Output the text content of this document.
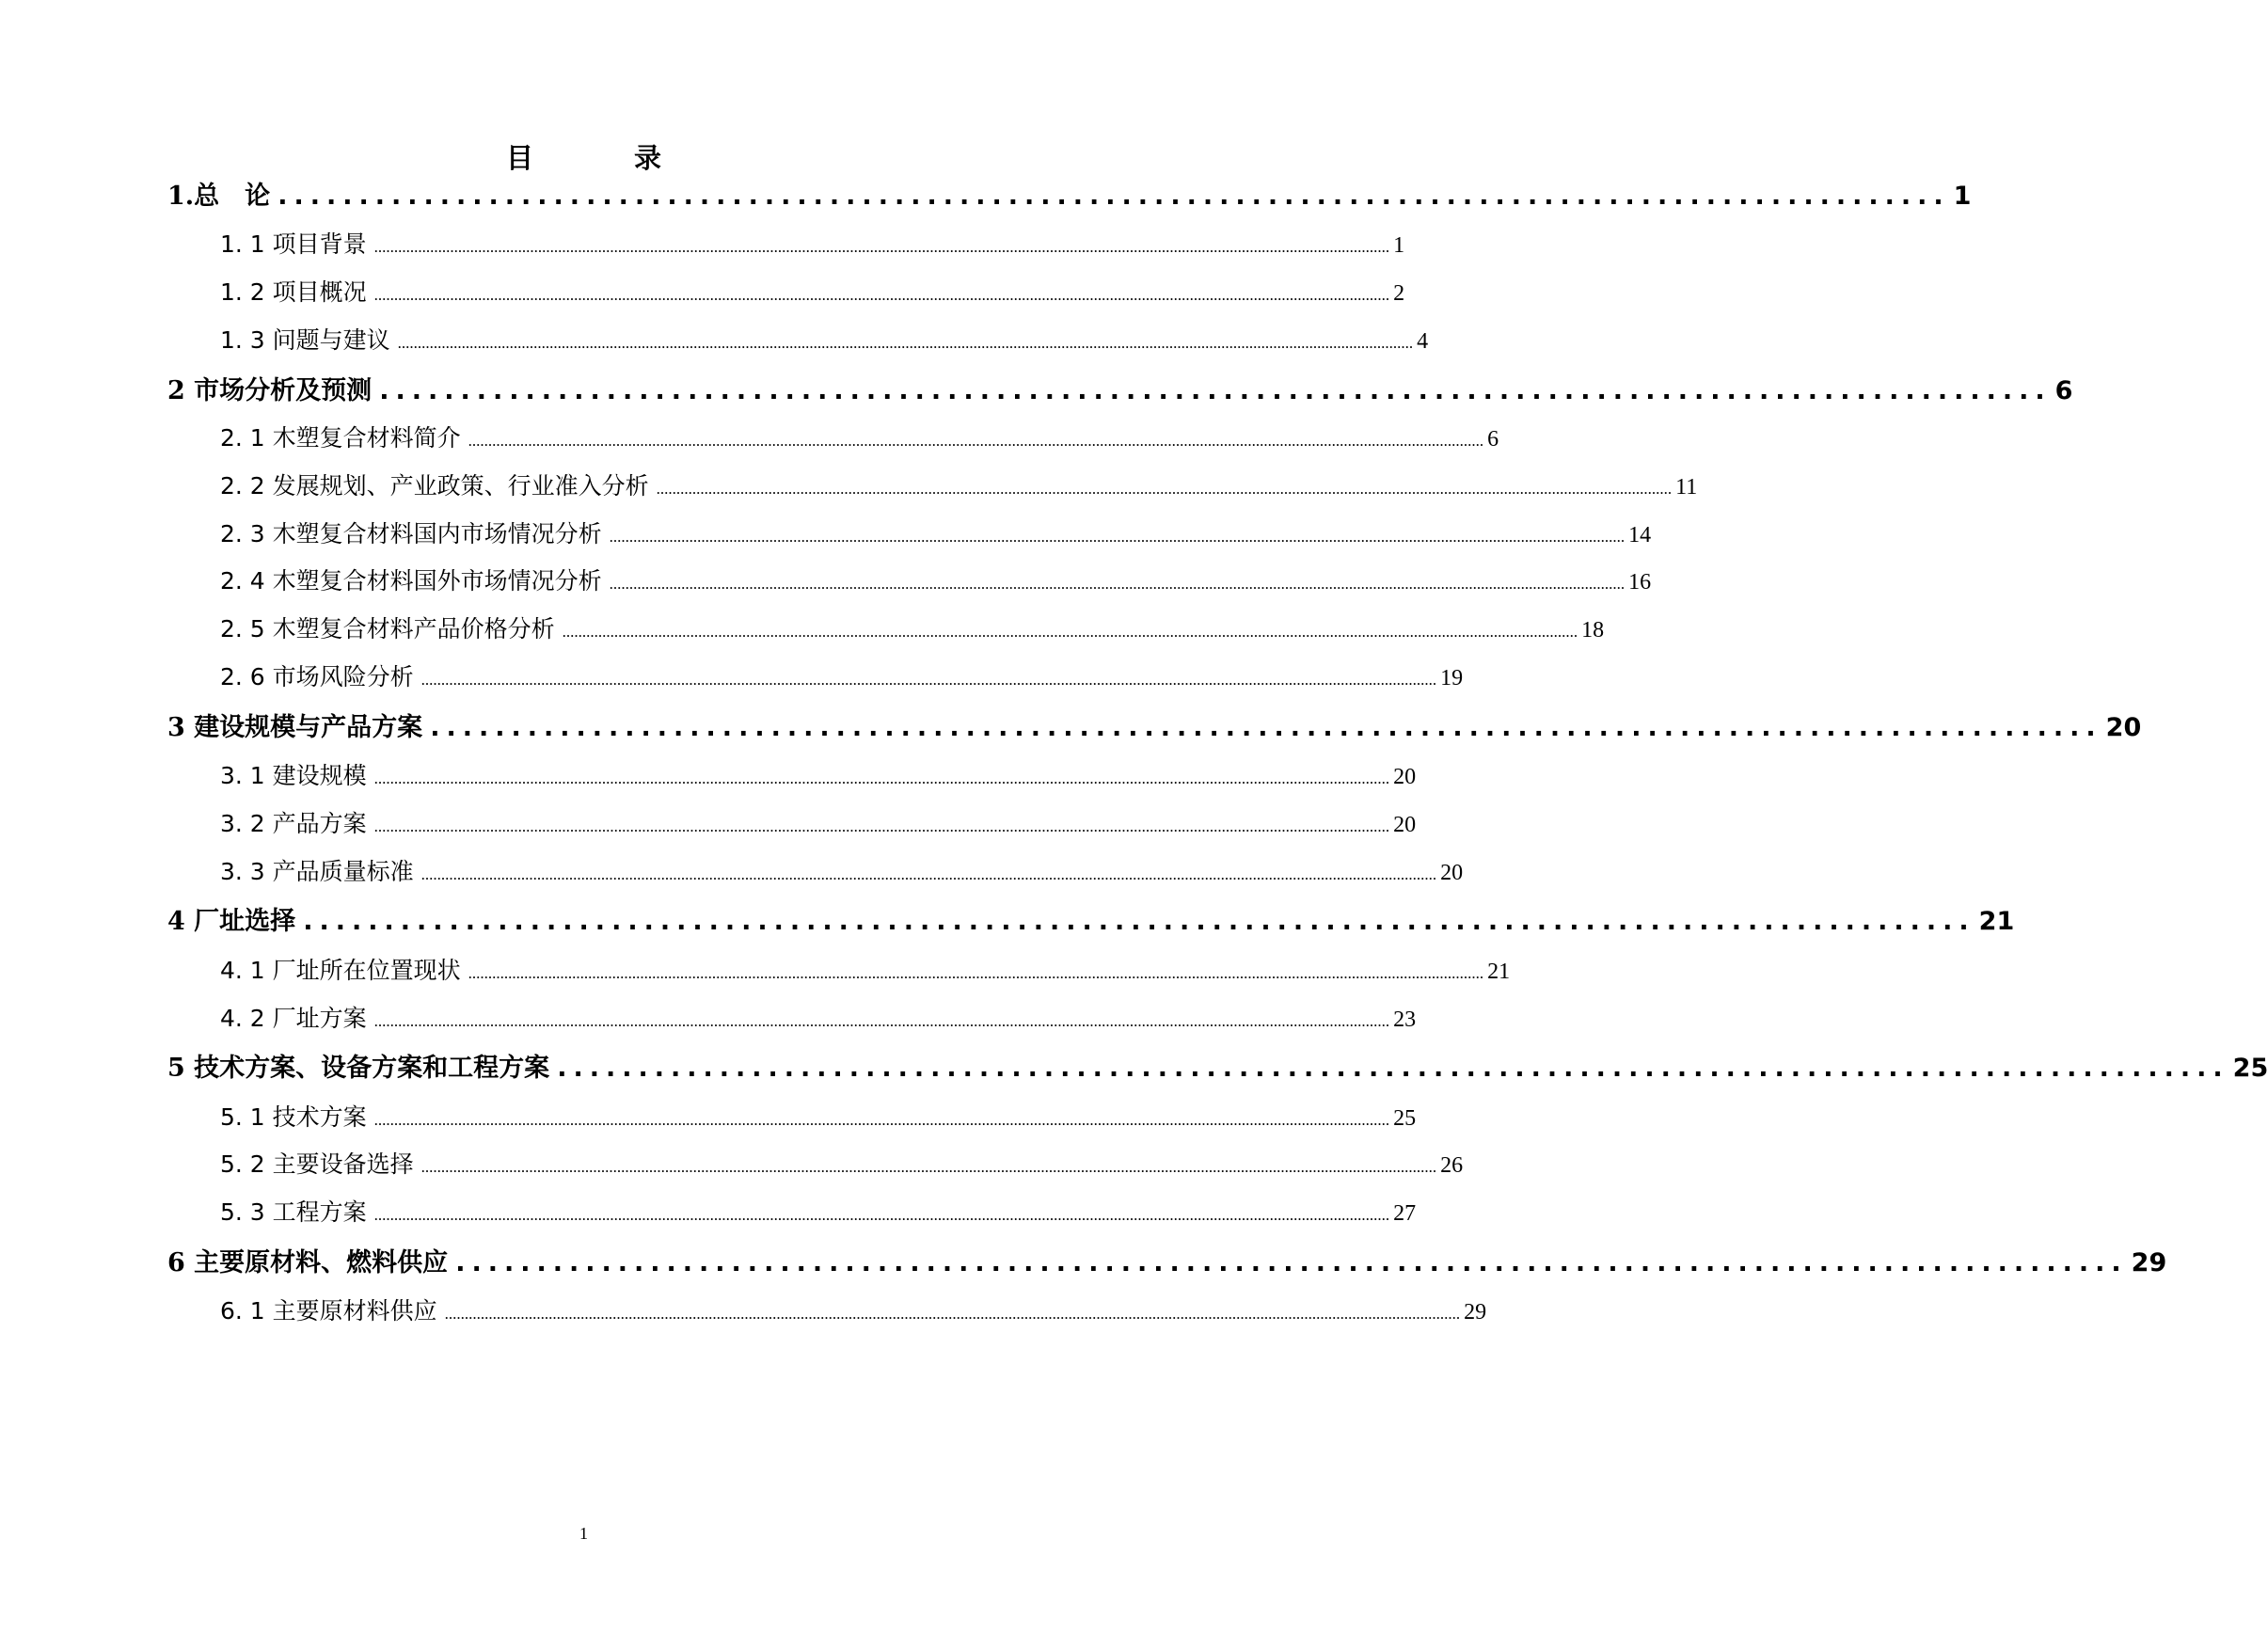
目	录
1.总　论 ....................................................................................................... 1
1. 1 项目背景 .............................................................................................................................................................................................................................................................. 1
1. 2 项目概况 .............................................................................................................................................................................................................................................................. 2
1. 3 问题与建议 .............................................................................................................................................................................................................................................................. 4
2 市场分析及预测 ....................................................................................................... 6
2. 1 木塑复合材料简介 .............................................................................................................................................................................................................................................................. 6
2. 2 发展规划、产业政策、行业准入分析 .............................................................................................................................................................................................................................................................. 11
2. 3 木塑复合材料国内市场情况分析 .............................................................................................................................................................................................................................................................. 14
2. 4 木塑复合材料国外市场情况分析 .............................................................................................................................................................................................................................................................. 16
2. 5 木塑复合材料产品价格分析 .............................................................................................................................................................................................................................................................. 18
2. 6 市场风险分析 .............................................................................................................................................................................................................................................................. 19
3 建设规模与产品方案 ....................................................................................................... 20
3. 1 建设规模 .............................................................................................................................................................................................................................................................. 20
3. 2 产品方案 .............................................................................................................................................................................................................................................................. 20
3. 3 产品质量标准 .............................................................................................................................................................................................................................................................. 20
4 厂址选择 ....................................................................................................... 21
4. 1 厂址所在位置现状 .............................................................................................................................................................................................................................................................. 21
4. 2 厂址方案 .............................................................................................................................................................................................................................................................. 23
5 技术方案、设备方案和工程方案 ....................................................................................................... 25
5. 1 技术方案 .............................................................................................................................................................................................................................................................. 25
5. 2 主要设备选择 .............................................................................................................................................................................................................................................................. 26
5. 3 工程方案 .............................................................................................................................................................................................................................................................. 27
6 主要原材料、燃料供应 ....................................................................................................... 29
6. 1 主要原材料供应 .............................................................................................................................................................................................................................................................. 29
1
